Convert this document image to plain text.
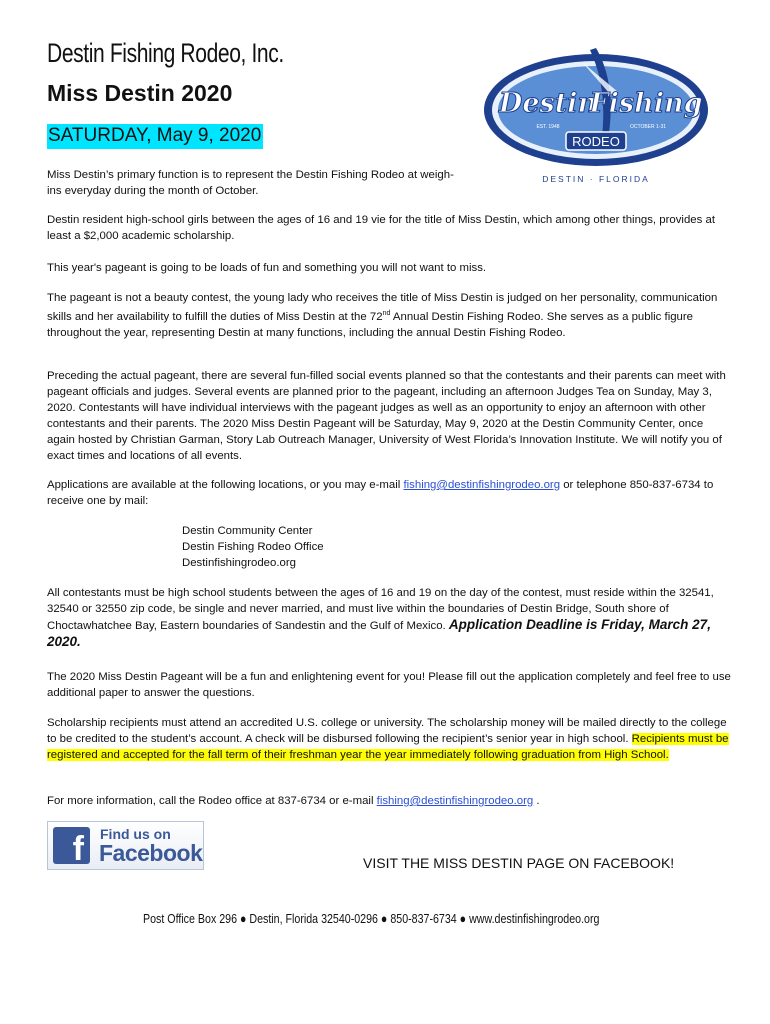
Destin Fishing Rodeo, Inc.
Miss Destin 2020
SATURDAY, May 9, 2020
Destin
Fishing
EST. 1948	OCTOBER 1-31
RODEO
DESTIN · FLORIDA

Miss Destin’s primary function is to represent the Destin Fishing Rodeo at weigh-ins everyday during the month of October.

Destin resident high-school girls between the ages of 16 and 19 vie for the title of Miss Destin, which among other things, provides at least a $2,000 academic scholarship.

This year's pageant is going to be loads of fun and something you will not want to miss.

The pageant is not a beauty contest, the young lady who receives the title of Miss Destin is judged on her personality, communication skills and her availability to fulfill the duties of Miss Destin at the 72nd Annual Destin Fishing Rodeo. She serves as a public figure throughout the year, representing Destin at many functions, including the annual Destin Fishing Rodeo.

Preceding the actual pageant, there are several fun-filled social events planned so that the contestants and their parents can meet with pageant officials and judges. Several events are planned prior to the pageant, including an afternoon Judges Tea on Sunday, May 3, 2020. Contestants will have individual interviews with the pageant judges as well as an opportunity to enjoy an afternoon with other contestants and their parents. The 2020 Miss Destin Pageant will be Saturday, May 9, 2020 at the Destin Community Center, once again hosted by Christian Garman, Story Lab Outreach Manager, University of West Florida’s Innovation Institute. We will notify you of exact times and locations of all events.

Applications are available at the following locations, or you may e-mail fishing@destinfishingrodeo.org or telephone 850-837-6734 to receive one by mail:

Destin Community Center
Destin Fishing Rodeo Office
Destinfishingrodeo.org

All contestants must be high school students between the ages of 16 and 19 on the day of the contest, must reside within the 32541, 32540 or 32550 zip code, be single and never married, and must live within the boundaries of Destin Bridge, South shore of Choctawhatchee Bay, Eastern boundaries of Sandestin and the Gulf of Mexico. Application Deadline is Friday, March 27, 2020.

The 2020 Miss Destin Pageant will be a fun and enlightening event for you! Please fill out the application completely and feel free to use additional paper to answer the questions.

Scholarship recipients must attend an accredited U.S. college or university. The scholarship money will be mailed directly to the college to be credited to the student’s account. A check will be disbursed following the recipient’s senior year in high school. Recipients must be registered and accepted for the fall term of their freshman year the year immediately following graduation from High School.

For more information, call the Rodeo office at 837-6734 or e-mail fishing@destinfishingrodeo.org .

f	Find us on
Facebook	VISIT THE MISS DESTIN PAGE ON FACEBOOK!
Post Office Box 296 ● Destin, Florida 32540-0296 ● 850-837-6734 ● www.destinfishingrodeo.org
